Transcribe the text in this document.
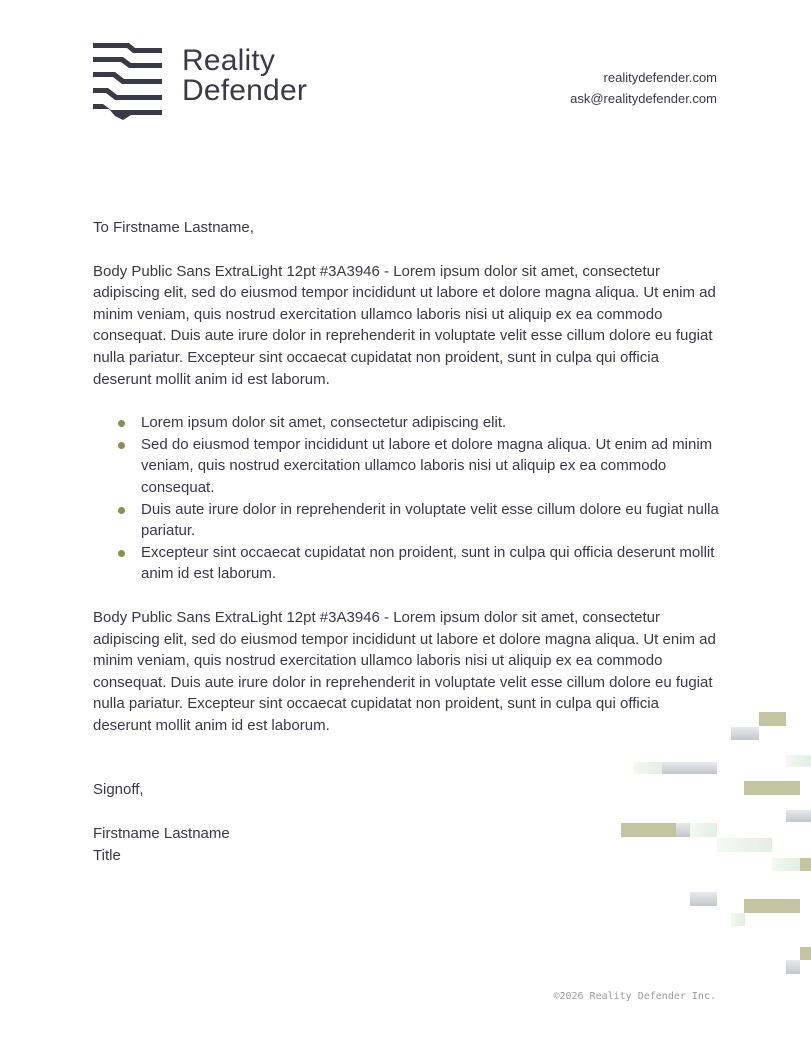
Reality
Defender	realitydefender.com
ask@realitydefender.com

To Firstname Lastname,

Body Public Sans ExtraLight 12pt #3A3946 - Lorem ipsum dolor sit amet, consectetur adipiscing elit, sed do eiusmod tempor incididunt ut labore et dolore magna aliqua. Ut enim ad minim veniam, quis nostrud exercitation ullamco laboris nisi ut aliquip ex ea commodo consequat. Duis aute irure dolor in reprehenderit in voluptate velit esse cillum dolore eu fugiat nulla pariatur. Excepteur sint occaecat cupidatat non proident, sunt in culpa qui officia deserunt mollit anim id est laborum.

Lorem ipsum dolor sit amet, consectetur adipiscing elit.
Sed do eiusmod tempor incididunt ut labore et dolore magna aliqua. Ut enim ad minim veniam, quis nostrud exercitation ullamco laboris nisi ut aliquip ex ea commodo consequat.
Duis aute irure dolor in reprehenderit in voluptate velit esse cillum dolore eu fugiat nulla pariatur.
Excepteur sint occaecat cupidatat non proident, sunt in culpa qui officia deserunt mollit anim id est laborum.

Body Public Sans ExtraLight 12pt #3A3946 - Lorem ipsum dolor sit amet, consectetur adipiscing elit, sed do eiusmod tempor incididunt ut labore et dolore magna aliqua. Ut enim ad minim veniam, quis nostrud exercitation ullamco laboris nisi ut aliquip ex ea commodo consequat. Duis aute irure dolor in reprehenderit in voluptate velit esse cillum dolore eu fugiat nulla pariatur. Excepteur sint occaecat cupidatat non proident, sunt in culpa qui officia deserunt mollit anim id est laborum.

Signoff,

Firstname Lastname

Title

©2026 Reality Defender Inc.
